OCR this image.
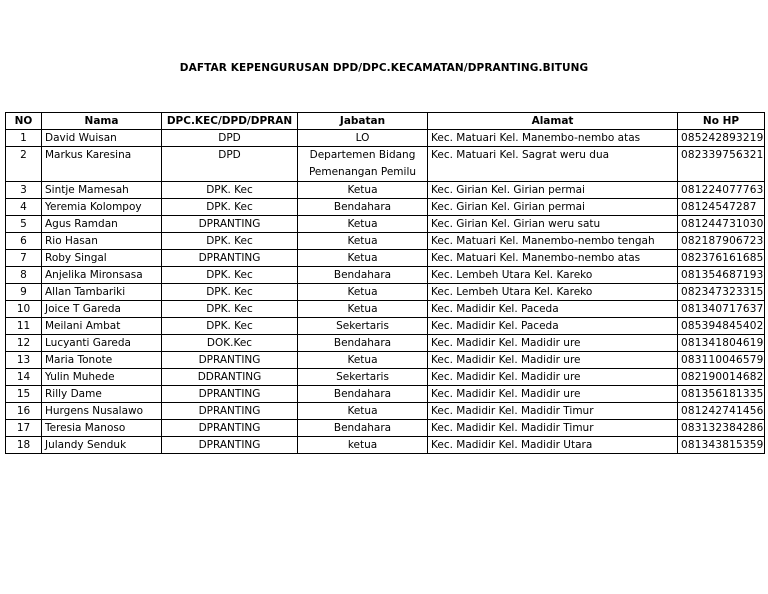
DAFTAR KEPENGURUSAN DPD/DPC.KECAMATAN/DPRANTING.BITUNG
NO	Nama	DPC.KEC/DPD/DPRAN	Jabatan	Alamat	No HP
1	David Wuisan	DPD	LO	Kec. Matuari Kel. Manembo-nembo atas	085242893219
2	Markus Karesina	DPD	Departemen Bidang Pemenangan Pemilu	Kec. Matuari Kel. Sagrat weru dua	082339756321
3	Sintje Mamesah	DPK. Kec	Ketua	Kec. Girian Kel. Girian permai	081224077763
4	Yeremia Kolompoy	DPK. Kec	Bendahara	Kec. Girian Kel. Girian permai	08124547287
5	Agus Ramdan	DPRANTING	Ketua	Kec. Girian Kel. Girian weru satu	081244731030
6	Rio Hasan	DPK. Kec	Ketua	Kec. Matuari Kel. Manembo-nembo tengah	082187906723
7	Roby Singal	DPRANTING	Ketua	Kec. Matuari Kel. Manembo-nembo atas	082376161685
8	Anjelika Mironsasa	DPK. Kec	Bendahara	Kec. Lembeh Utara Kel. Kareko	081354687193
9	Allan Tambariki	DPK. Kec	Ketua	Kec. Lembeh Utara Kel. Kareko	082347323315
10	Joice T Gareda	DPK. Kec	Ketua	Kec. Madidir Kel. Paceda	081340717637
11	Meilani Ambat	DPK. Kec	Sekertaris	Kec. Madidir Kel. Paceda	085394845402
12	Lucyanti Gareda	DOK.Kec	Bendahara	Kec. Madidir Kel. Madidir ure	081341804619
13	Maria Tonote	DPRANTING	Ketua	Kec. Madidir Kel. Madidir ure	083110046579
14	Yulin Muhede	DDRANTING	Sekertaris	Kec. Madidir Kel. Madidir ure	082190014682
15	Rilly Dame	DPRANTING	Bendahara	Kec. Madidir Kel. Madidir ure	081356181335
16	Hurgens Nusalawo	DPRANTING	Ketua	Kec. Madidir Kel. Madidir Timur	081242741456
17	Teresia Manoso	DPRANTING	Bendahara	Kec. Madidir Kel. Madidir Timur	083132384286
18	Julandy Senduk	DPRANTING	ketua	Kec. Madidir Kel. Madidir Utara	081343815359
